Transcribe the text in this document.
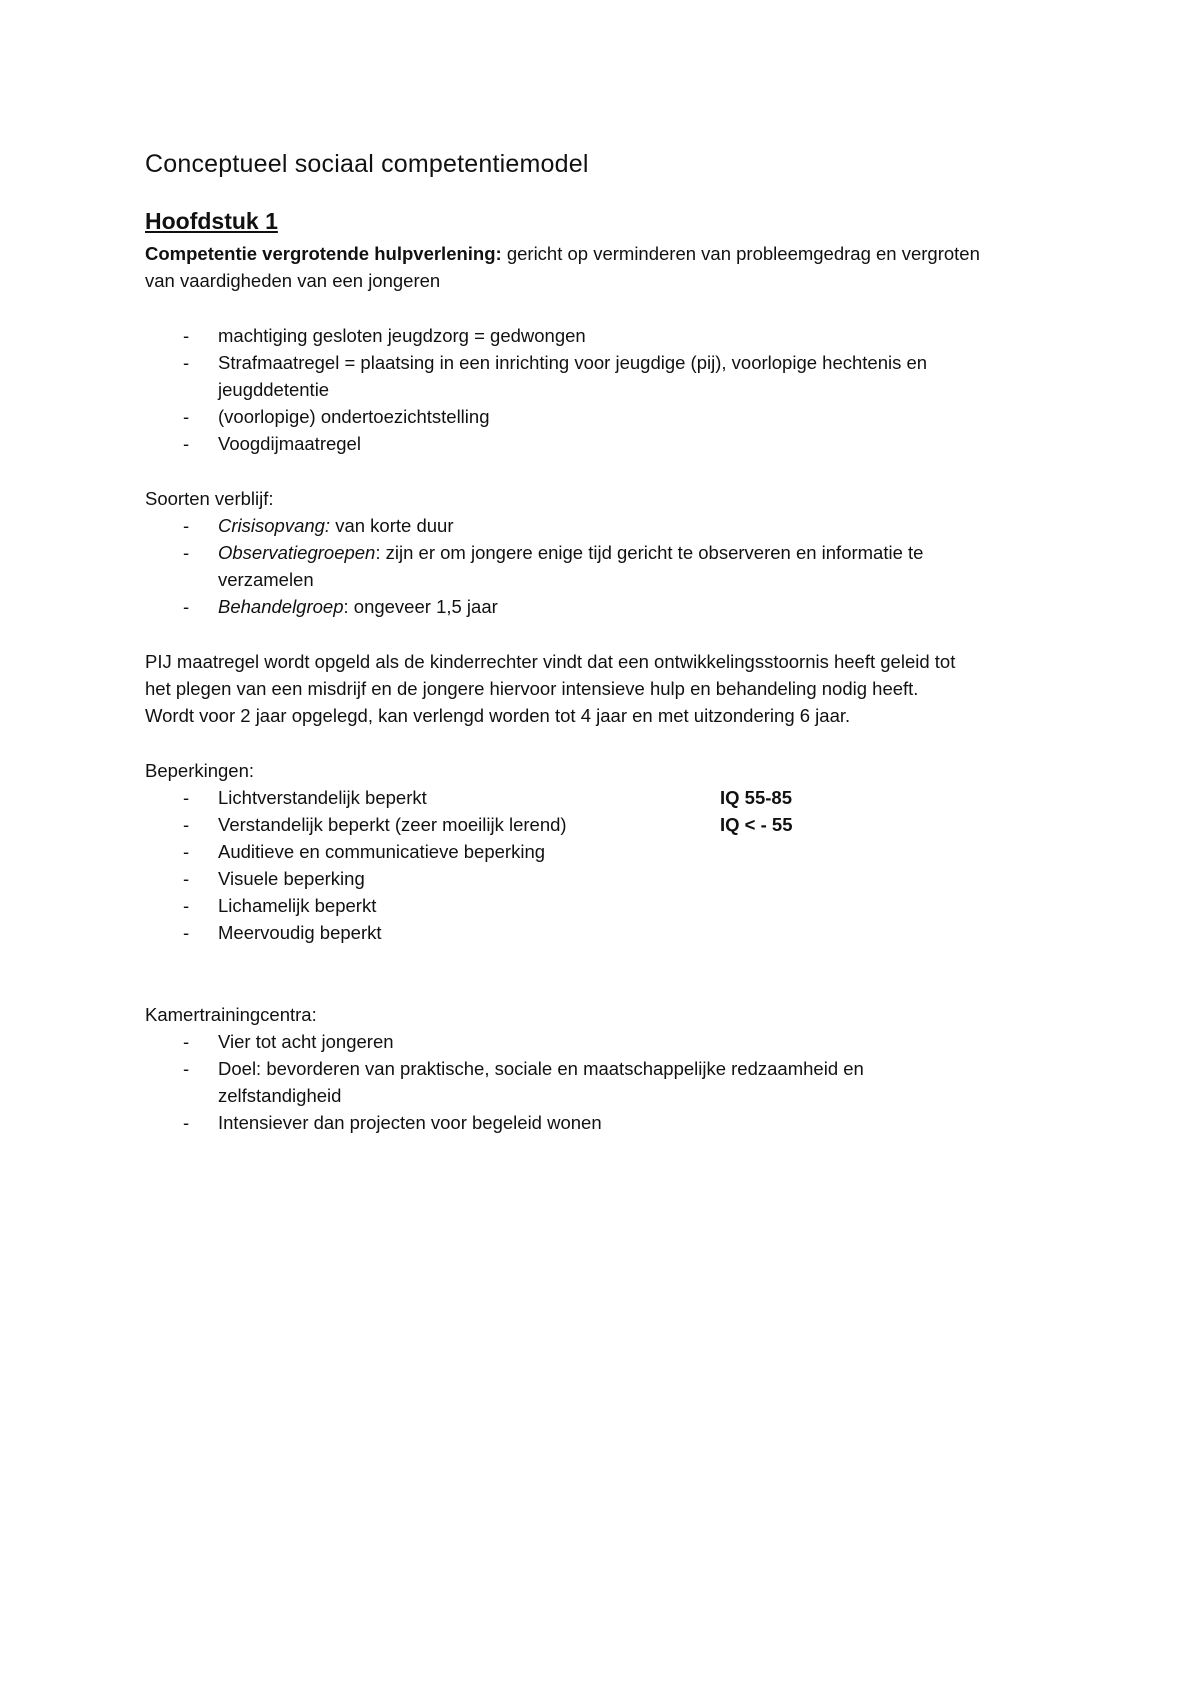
Conceptueel sociaal competentiemodel
Hoofdstuk 1
Competentie vergrotende hulpverlening: gericht op verminderen van probleemgedrag en vergroten
van vaardigheden van een jongeren
- machtiging gesloten jeugdzorg = gedwongen
- Strafmaatregel = plaatsing in een inrichting voor jeugdige (pij), voorlopige hechtenis en
jeugddetentie
- (voorlopige) ondertoezichtstelling
- Voogdijmaatregel
Soorten verblijf:
- Crisisopvang: van korte duur
- Observatiegroepen: zijn er om jongere enige tijd gericht te observeren en informatie te
verzamelen
- Behandelgroep: ongeveer 1,5 jaar
PIJ maatregel wordt opgeld als de kinderrechter vindt dat een ontwikkelingsstoornis heeft geleid tot
het plegen van een misdrijf en de jongere hiervoor intensieve hulp en behandeling nodig heeft.
Wordt voor 2 jaar opgelegd, kan verlengd worden tot 4 jaar en met uitzondering 6 jaar.
Beperkingen:
- Lichtverstandelijk beperkt	IQ 55-85
- Verstandelijk beperkt (zeer moeilijk lerend)	IQ < - 55
- Auditieve en communicatieve beperking
- Visuele beperking
- Lichamelijk beperkt
- Meervoudig beperkt
Kamertrainingcentra:
- Vier tot acht jongeren
- Doel: bevorderen van praktische, sociale en maatschappelijke redzaamheid en
zelfstandigheid
- Intensiever dan projecten voor begeleid wonen
